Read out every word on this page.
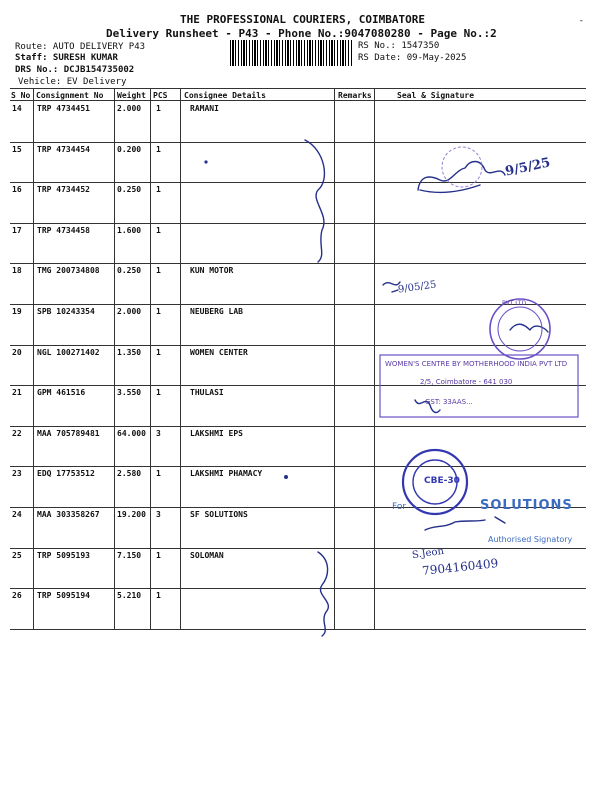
THE PROFESSIONAL COURIERS, COIMBATORE
Delivery Runsheet - P43 - Phone No.:9047080280 - Page No.:2
-
Route: AUTO DELIVERY P43
Staff: SURESH KUMAR
DRS No.: DCJB154735002
Vehicle: EV Delivery
RS No.: 1547350
RS Date: 09-May-2025
S No Consignment No Weight PCS Consignee Details	Remarks	Seal & Signature
14 TRP 4734451	2.000 1	RAMANI
15 TRP 4734454	0.200 1
16 TRP 4734452	0.250 1
17 TRP 4734458	1.600 1
18 TMG 200734808 0.250 1	KUN MOTOR
19 SPB 10243354	2.000 1	NEUBERG LAB
20 NGL 100271402 1.350 1	WOMEN CENTER
21 GPM 461516	3.550 1	THULASI
22 MAA 705789481 64.000 3	LAKSHMI EPS
23 EDQ 17753512	2.580 1	LAKSHMI PHAMACY
24 MAA 303358267 19.200 3	SF SOLUTIONS
25 TRP 5095193	7.150 1	SOLOMAN
26 TRP 5095194	5.210 1
9/5/25
9/05/25
7904160409
S.Jeon
WOMEN'S CENTRE BY MOTHERHOOD INDIA PVT LTD
2/5, Coimbatore - 641 030
GST: 33AAS...
CBE-30
For	SOLUTIONS
Authorised Signatory
PVT LTD
